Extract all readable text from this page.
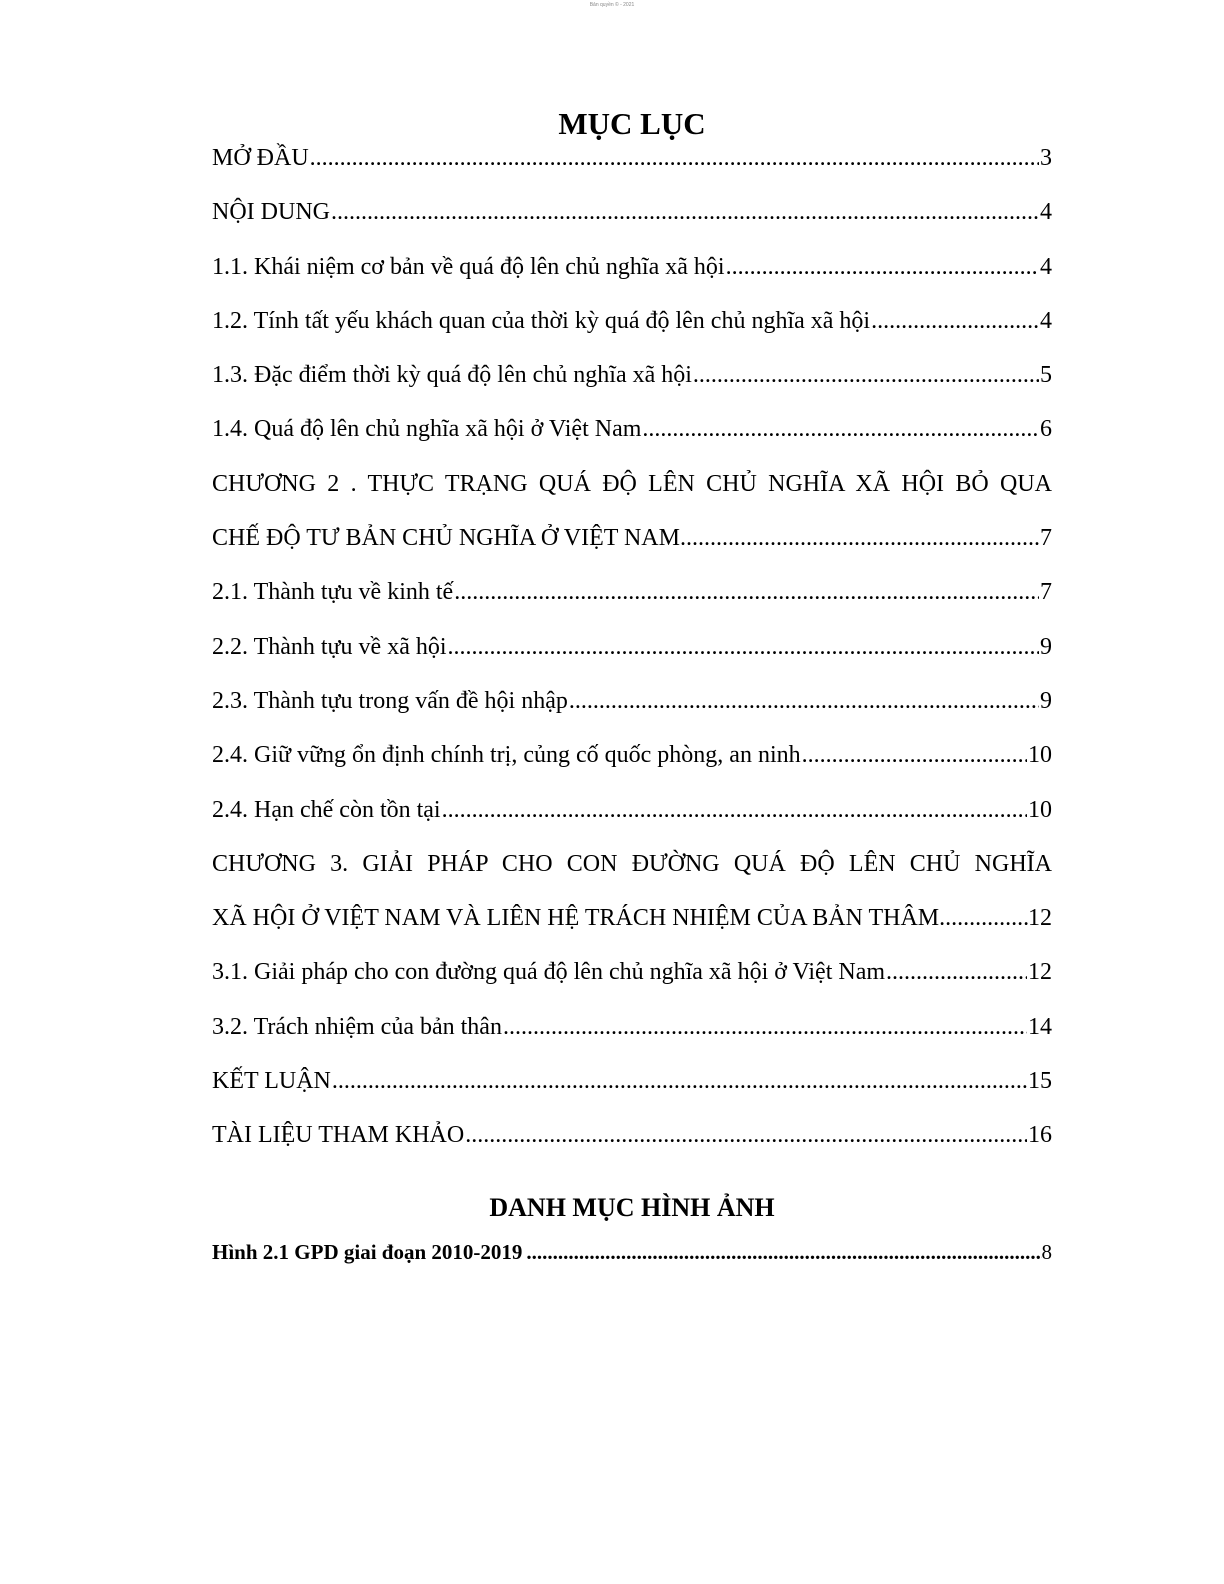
Bản quyền © - 2021
MỤC LỤC
MỞ ĐẦU .....	3
NỘI DUNG .....	4
1.1. Khái niệm cơ bản về quá độ lên chủ nghĩa xã hội .....	4
1.2. Tính tất yếu khách quan của thời kỳ quá độ lên chủ nghĩa xã hội .....	4
1.3. Đặc điểm thời kỳ quá độ lên chủ nghĩa xã hội .....	5
1.4. Quá độ lên chủ nghĩa xã hội ở Việt Nam .....	6
CHƯƠNG 2 . THỰC TRẠNG QUÁ ĐỘ LÊN CHỦ NGHĨA XÃ HỘI BỎ QUA
CHẾ ĐỘ TƯ BẢN CHỦ NGHĨA Ở VIỆT NAM .....	7
2.1. Thành tựu về kinh tế .....	7
2.2. Thành tựu về xã hội .....	9
2.3. Thành tựu trong vấn đề hội nhập .....	9
2.4. Giữ vững ổn định chính trị, củng cố quốc phòng, an ninh .....	10
2.4. Hạn chế còn tồn tại .....	10
CHƯƠNG 3. GIẢI PHÁP CHO CON ĐƯỜNG QUÁ ĐỘ LÊN CHỦ NGHĨA
XÃ HỘI Ở VIỆT NAM VÀ LIÊN HỆ TRÁCH NHIỆM CỦA BẢN THÂM .....	12
3.1. Giải pháp cho con đường quá độ lên chủ nghĩa xã hội ở Việt Nam .....	12
3.2. Trách nhiệm của bản thân .....	14
KẾT LUẬN .....	15
TÀI LIỆU THAM KHẢO .....	16
DANH MỤC HÌNH ẢNH
Hình 2.1 GPD giai đoạn 2010-2019 .....	8
